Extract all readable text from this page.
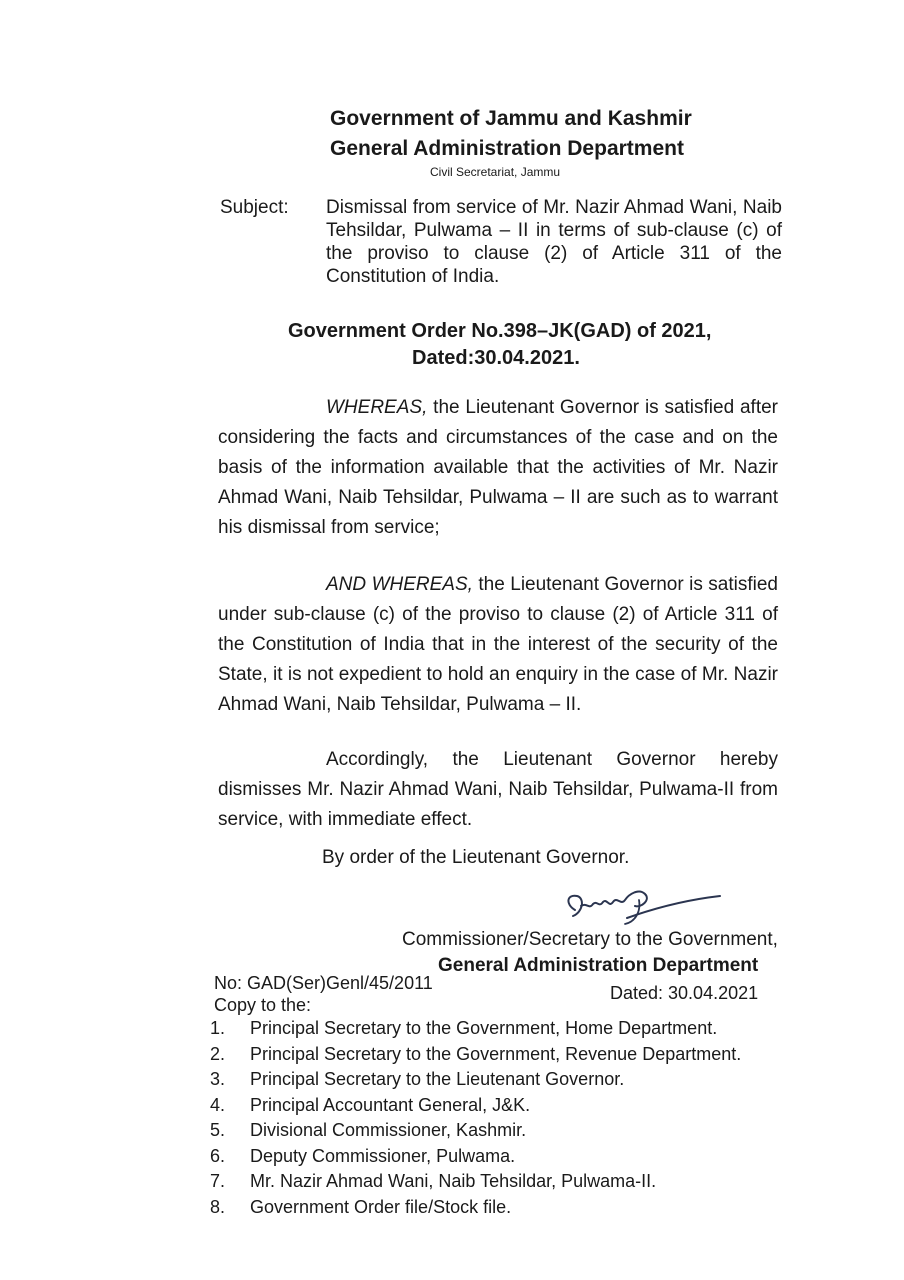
Government of Jammu and Kashmir
General Administration Department
Civil Secretariat, Jammu
Subject: Dismissal from service of Mr. Nazir Ahmad Wani, Naib Tehsildar, Pulwama – II in terms of sub-clause (c) of the proviso to clause (2) of Article 311 of the Constitution of India.
Government Order No.398–JK(GAD) of 2021,
Dated:30.04.2021.

WHEREAS, the Lieutenant Governor is satisfied after considering the facts and circumstances of the case and on the basis of the information available that the activities of Mr. Nazir Ahmad Wani, Naib Tehsildar, Pulwama – II are such as to warrant his dismissal from service;

AND WHEREAS, the Lieutenant Governor is satisfied under sub-clause (c) of the proviso to clause (2) of Article 311 of the Constitution of India that in the interest of the security of the State, it is not expedient to hold an enquiry in the case of Mr. Nazir Ahmad Wani, Naib Tehsildar, Pulwama – II.

Accordingly, the Lieutenant Governor hereby dismisses Mr. Nazir Ahmad Wani, Naib Tehsildar, Pulwama-II from service, with immediate effect.

By order of the Lieutenant Governor.
Commissioner/Secretary to the Government,
General Administration Department
No: GAD(Ser)Genl/45/2011	Dated: 30.04.2021
Copy to the:
1.	Principal Secretary to the Government, Home Department.
2.	Principal Secretary to the Government, Revenue Department.
3.	Principal Secretary to the Lieutenant Governor.
4.	Principal Accountant General, J&K.
5.	Divisional Commissioner, Kashmir.
6.	Deputy Commissioner, Pulwama.
7.	Mr. Nazir Ahmad Wani, Naib Tehsildar, Pulwama-II.
8.	Government Order file/Stock file.
